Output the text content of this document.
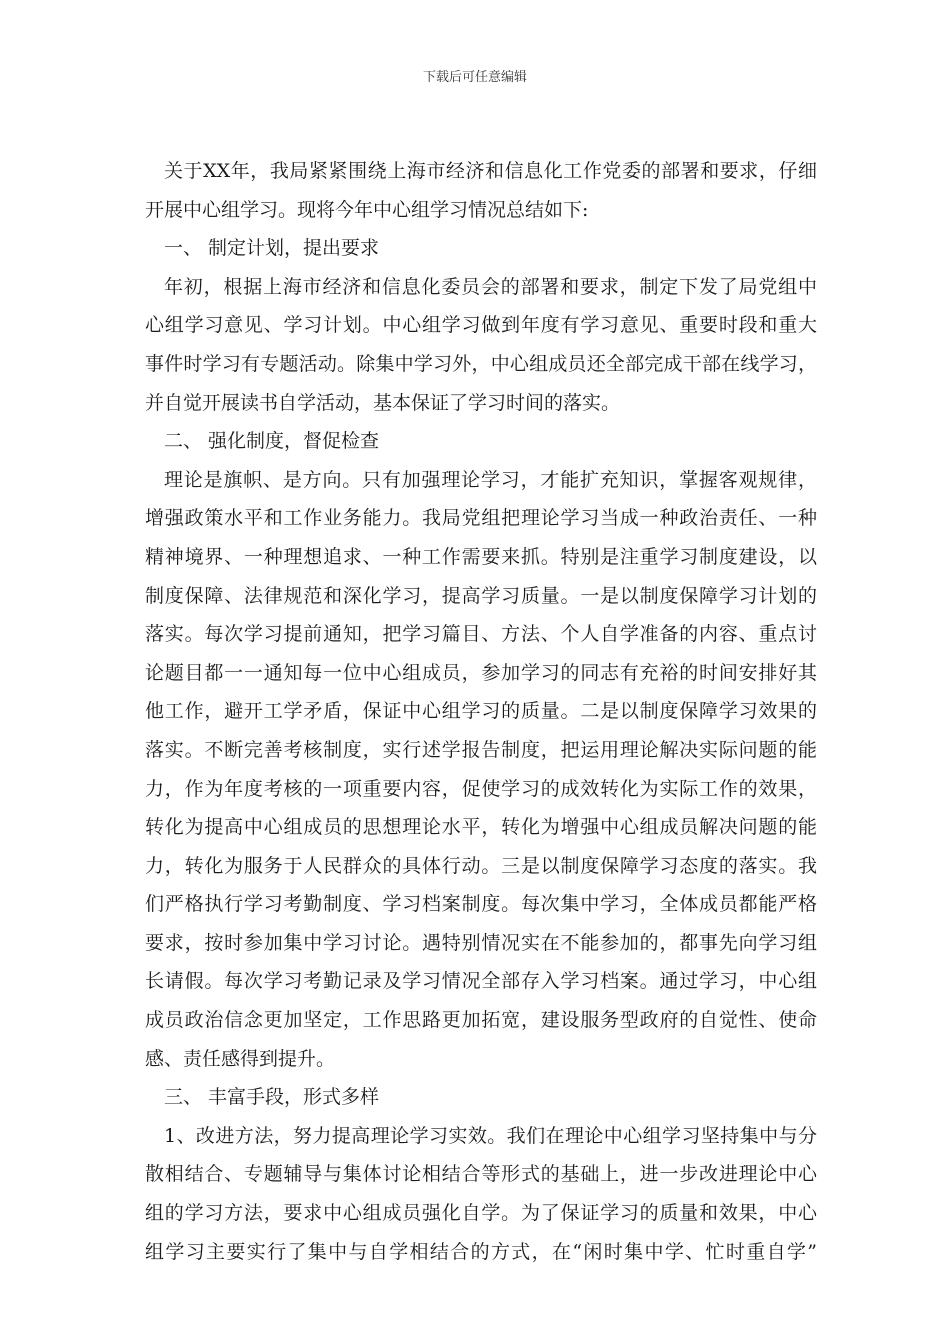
下载后可任意编辑
关于XX年，我局紧紧围绕上海市经济和信息化工作党委的部署和要求，仔细
开展中心组学习。现将今年中心组学习情况总结如下:
一、 制定计划，提出要求
年初，根据上海市经济和信息化委员会的部署和要求，制定下发了局党组中
心组学习意见、学习计划。中心组学习做到年度有学习意见、重要时段和重大
事件时学习有专题活动。除集中学习外，中心组成员还全部完成干部在线学习，
并自觉开展读书自学活动，基本保证了学习时间的落实。
二、 强化制度，督促检查
理论是旗帜、是方向。只有加强理论学习，才能扩充知识，掌握客观规律，
增强政策水平和工作业务能力。我局党组把理论学习当成一种政治责任、一种
精神境界、一种理想追求、一种工作需要来抓。特别是注重学习制度建设，以
制度保障、法律规范和深化学习，提高学习质量。一是以制度保障学习计划的
落实。每次学习提前通知，把学习篇目、方法、个人自学准备的内容、重点讨
论题目都一一通知每一位中心组成员，参加学习的同志有充裕的时间安排好其
他工作，避开工学矛盾，保证中心组学习的质量。二是以制度保障学习效果的
落实。不断完善考核制度，实行述学报告制度，把运用理论解决实际问题的能
力，作为年度考核的一项重要内容，促使学习的成效转化为实际工作的效果，
转化为提高中心组成员的思想理论水平，转化为增强中心组成员解决问题的能
力，转化为服务于人民群众的具体行动。三是以制度保障学习态度的落实。我
们严格执行学习考勤制度、学习档案制度。每次集中学习，全体成员都能严格
要求，按时参加集中学习讨论。遇特别情况实在不能参加的，都事先向学习组
长请假。每次学习考勤记录及学习情况全部存入学习档案。通过学习，中心组
成员政治信念更加坚定，工作思路更加拓宽，建设服务型政府的自觉性、使命
感、责任感得到提升。
三、 丰富手段，形式多样
1、改进方法，努力提高理论学习实效。我们在理论中心组学习坚持集中与分
散相结合、专题辅导与集体讨论相结合等形式的基础上，进一步改进理论中心
组的学习方法，要求中心组成员强化自学。为了保证学习的质量和效果，中心
组学习主要实行了集中与自学相结合的方式，在“闲时集中学、忙时重自学”
